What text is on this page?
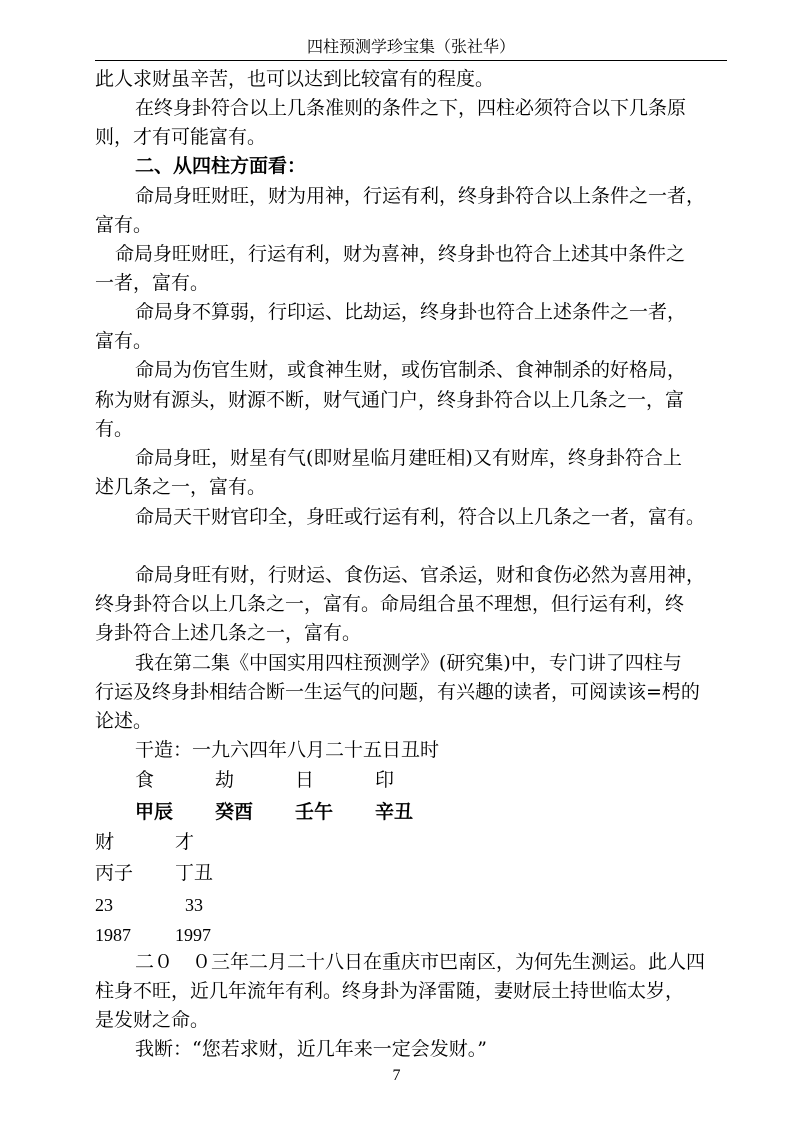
四柱预测学珍宝集（张社华）
此人求财虽辛苦，也可以达到比较富有的程度。
在终身卦符合以上几条准则的条件之下，四柱必须符合以下几条原
则，才有可能富有。
二、从四柱方面看：
命局身旺财旺，财为用神，行运有利，终身卦符合以上条件之一者，
富有。
命局身旺财旺，行运有利，财为喜神，终身卦也符合上述其中条件之
一者，富有。
命局身不算弱，行印运、比劫运，终身卦也符合上述条件之一者，
富有。
命局为伤官生财，或食神生财，或伤官制杀、食神制杀的好格局，
称为财有源头，财源不断，财气通门户，终身卦符合以上几条之一，富
有。
命局身旺，财星有气(即财星临月建旺相)又有财库，终身卦符合上
述几条之一，富有。
命局天干财官印全，身旺或行运有利，符合以上几条之一者，富有。
命局身旺有财，行财运、食伤运、官杀运，财和食伤必然为喜用神，
终身卦符合以上几条之一，富有。命局组合虽不理想，但行运有利，终
身卦符合上述几条之一，富有。
我在第二集《中国实用四柱预测学》(研究集)中，专门讲了四柱与
行运及终身卦相结合断一生运气的问题，有兴趣的读者，可阅读该=枵的
论述。
干造：一九六四年八月二十五日丑时
食	劫	日	印
甲辰 癸酉 壬午 辛丑
财	才
丙子 丁丑
23	33
1987 1997
二０　０三年二月二十八日在重庆市巴南区，为何先生测运。此人四
柱身不旺，近几年流年有利。终身卦为泽雷随，妻财辰土持世临太岁，
是发财之命。
我断：“您若求财，近几年来一定会发财。”
7
